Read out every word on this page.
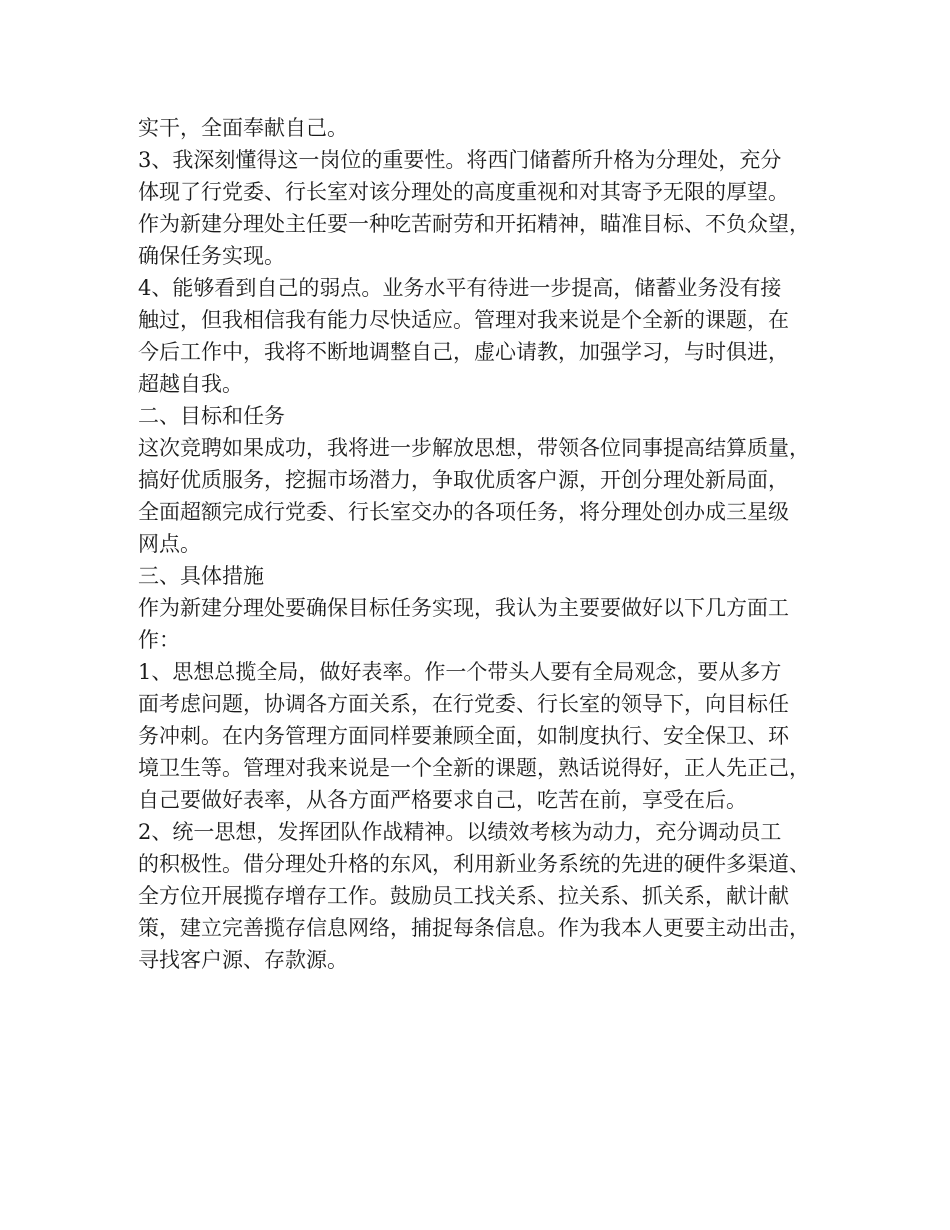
实干，全面奉献自己。
3、我深刻懂得这一岗位的重要性。将西门储蓄所升格为分理处，充分
体现了行党委、行长室对该分理处的高度重视和对其寄予无限的厚望。
作为新建分理处主任要一种吃苦耐劳和开拓精神，瞄准目标、不负众望，
确保任务实现。
4、能够看到自己的弱点。业务水平有待进一步提高，储蓄业务没有接
触过，但我相信我有能力尽快适应。管理对我来说是个全新的课题，在
今后工作中，我将不断地调整自己，虚心请教，加强学习，与时俱进，
超越自我。
二、目标和任务
这次竞聘如果成功，我将进一步解放思想，带领各位同事提高结算质量，
搞好优质服务，挖掘市场潜力，争取优质客户源，开创分理处新局面，
全面超额完成行党委、行长室交办的各项任务，将分理处创办成三星级
网点。
三、具体措施
作为新建分理处要确保目标任务实现，我认为主要要做好以下几方面工
作：
1、思想总揽全局，做好表率。作一个带头人要有全局观念，要从多方
面考虑问题，协调各方面关系，在行党委、行长室的领导下，向目标任
务冲刺。在内务管理方面同样要兼顾全面，如制度执行、安全保卫、环
境卫生等。管理对我来说是一个全新的课题，熟话说得好，正人先正己，
自己要做好表率，从各方面严格要求自己，吃苦在前，享受在后。
2、统一思想，发挥团队作战精神。以绩效考核为动力，充分调动员工
的积极性。借分理处升格的东风，利用新业务系统的先进的硬件多渠道、
全方位开展揽存增存工作。鼓励员工找关系、拉关系、抓关系，献计献
策，建立完善揽存信息网络，捕捉每条信息。作为我本人更要主动出击，
寻找客户源、存款源。
